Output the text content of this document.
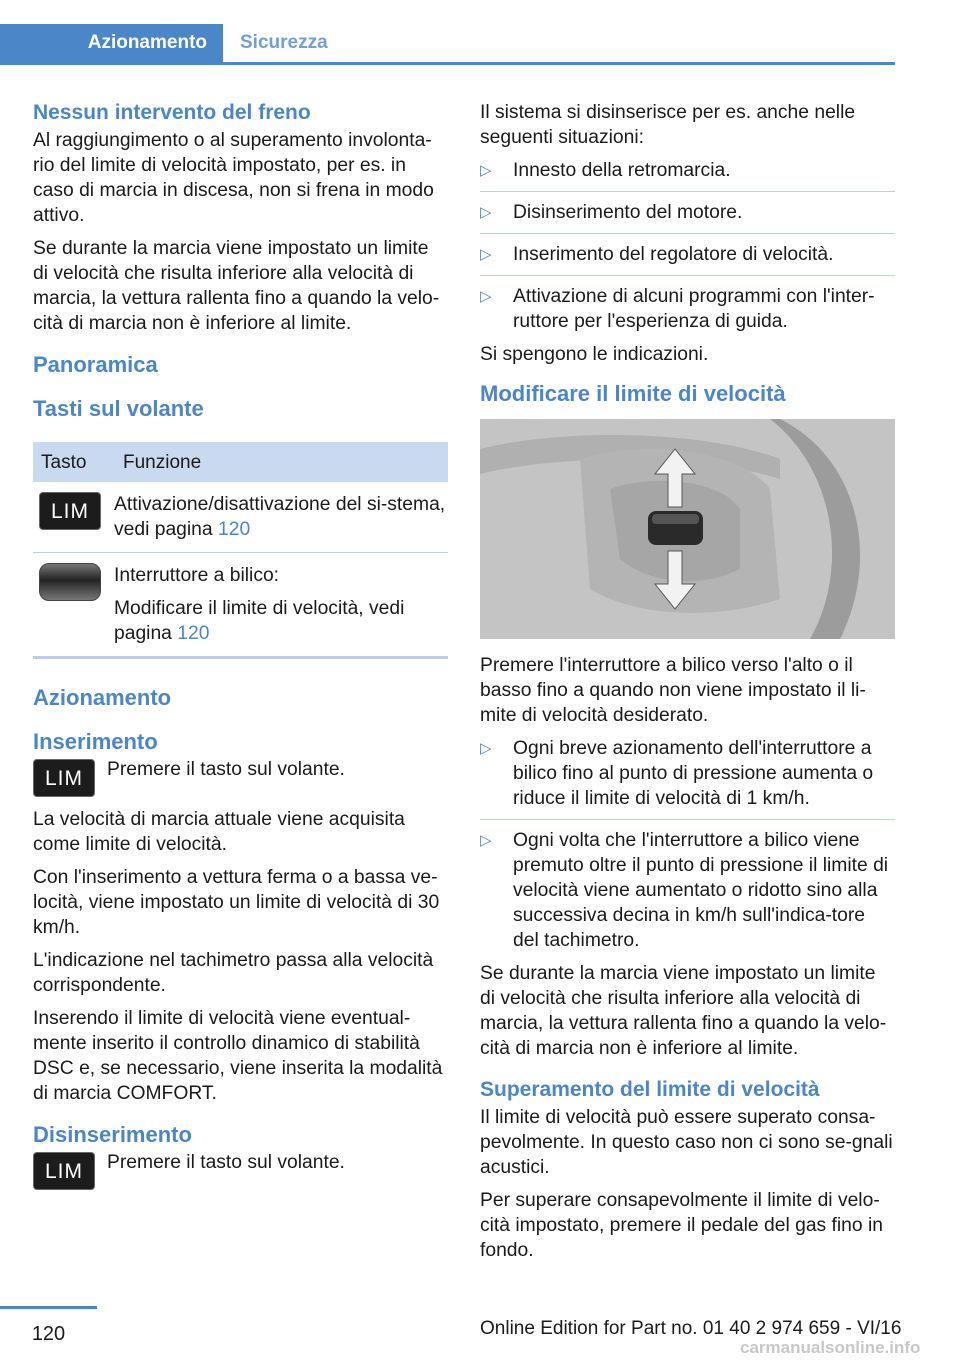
Azionamento	Sicurezza
Nessun intervento del freno

Al raggiungimento o al superamento involonta‐rio del limite di velocità impostato, per es. in caso di marcia in discesa, non si frena in modo attivo.

Se durante la marcia viene impostato un limite di velocità che risulta inferiore alla velocità di marcia, la vettura rallenta fino a quando la velo‐cità di marcia non è inferiore al limite.

Panoramica
Tasti sul volante
Tasto	Funzione
LIM	Attivazione/disattivazione del si‐stema, vedi pagina 120

	Interruttore a bilico:

Modificare il limite di velocità, vedi pagina 120
Azionamento
Inserimento
LIM	Premere il tasto sul volante.

La velocità di marcia attuale viene acquisita come limite di velocità.

Con l'inserimento a vettura ferma o a bassa ve‐locità, viene impostato un limite di velocità di 30 km/h.

L'indicazione nel tachimetro passa alla velocità corrispondente.

Inserendo il limite di velocità viene eventual‐mente inserito il controllo dinamico di stabilità DSC e, se necessario, viene inserita la modalità di marcia COMFORT.

Disinserimento
LIM	Premere il tasto sul volante.

Il sistema si disinserisce per es. anche nelle seguenti situazioni:

▷ Innesto della retromarcia.
▷ Disinserimento del motore.
▷ Inserimento del regolatore di velocità.
▷ Attivazione di alcuni programmi con l'inter‐ruttore per l'esperienza di guida.

Si spengono le indicazioni.

Modificare il limite di velocità

Premere l'interruttore a bilico verso l'alto o il basso fino a quando non viene impostato il li‐mite di velocità desiderato.

▷ Ogni breve azionamento dell'interruttore a bilico fino al punto di pressione aumenta o riduce il limite di velocità di 1 km/h.
▷ Ogni volta che l'interruttore a bilico viene premuto oltre il punto di pressione il limite di velocità viene aumentato o ridotto sino alla successiva decina in km/h sull'indica‐tore del tachimetro.

Se durante la marcia viene impostato un limite di velocità che risulta inferiore alla velocità di marcia, la vettura rallenta fino a quando la velo‐cità di marcia non è inferiore al limite.

Superamento del limite di velocità

Il limite di velocità può essere superato consa‐pevolmente. In questo caso non ci sono se‐gnali acustici.

Per superare consapevolmente il limite di velo‐cità impostato, premere il pedale del gas fino in fondo.

120	Online Edition for Part no. 01 40 2 974 659 - VI/16
carmanualsonline.info
